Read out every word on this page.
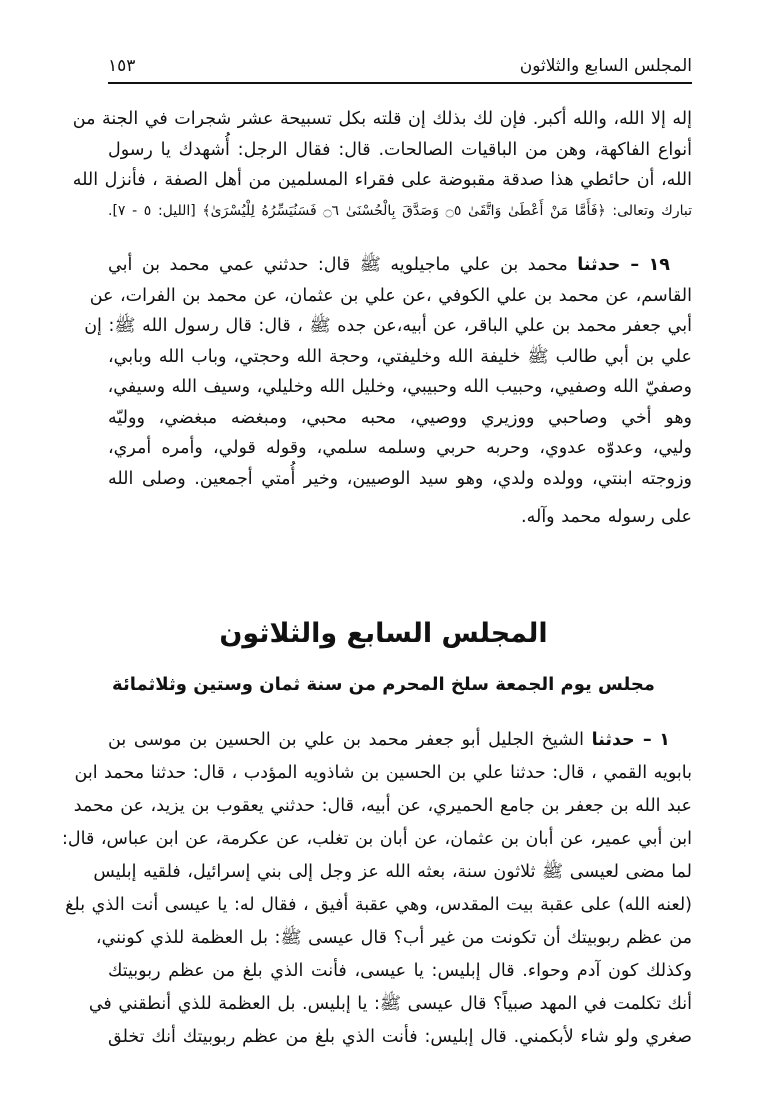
المجلس السابع والثلاثون
١٥٣
إله إلا الله، والله أكبر. فإن لك بذلك إن قلته بكل تسبيحة عشر شجرات في الجنة من
أنواع الفاكهة، وهن من الباقيات الصالحات. قال: فقال الرجل: أُشهدك يا رسول
الله، أن حائطي هذا صدقة مقبوضة على فقراء المسلمين من أهل الصفة ، فأنزل الله
تبارك وتعالى: ﴿فَأَمَّا مَنْ أَعْطَىٰ وَاتَّقَىٰ ۝٥ وَصَدَّقَ بِالْحُسْنَىٰ ۝٦ فَسَنُيَسِّرُهُ لِلْيُسْرَىٰ﴾ [الليل: ٥ - ٧].
١٩ – حدثنا محمد بن علي ماجيلويه ﷺ قال: حدثني عمي محمد بن أبي
القاسم، عن محمد بن علي الكوفي ،عن علي بن عثمان، عن محمد بن الفرات، عن
أبي جعفر محمد بن علي الباقر، عن أبيه،عن جده ﷺ ، قال: قال رسول الله ﷺ: إن
علي بن أبي طالب ﷺ خليفة الله وخليفتي، وحجة الله وحجتي، وباب الله وبابي،
وصفيّ الله وصفيي، وحبيب الله وحبيبي، وخليل الله وخليلي، وسيف الله وسيفي،
وهو أخي وصاحبي ووزيري ووصيي، محبه محبي، ومبغضه مبغضي، ووليّه
وليي، وعدوّه عدوي، وحربه حربي وسلمه سلمي، وقوله قولي، وأمره أمري،
وزوجته ابنتي، وولده ولدي، وهو سيد الوصيين، وخير أُمتي أجمعين. وصلى الله
على رسوله محمد وآله.
المجلس السابع والثلاثون
مجلس يوم الجمعة سلخ المحرم من سنة ثمان وستين وثلاثمائة
١ – حدثنا الشيخ الجليل أبو جعفر محمد بن علي بن الحسين بن موسى بن
بابويه القمي ، قال: حدثنا علي بن الحسين بن شاذويه المؤدب ، قال: حدثنا محمد ابن
عبد الله بن جعفر بن جامع الحميري، عن أبيه، قال: حدثني يعقوب بن يزيد، عن محمد
ابن أبي عمير، عن أبان بن عثمان، عن أبان بن تغلب، عن عكرمة، عن ابن عباس، قال:
لما مضى لعيسى ﷺ ثلاثون سنة، بعثه الله عز وجل إلى بني إسرائيل، فلقيه إبليس
(لعنه الله) على عقبة بيت المقدس، وهي عقبة أفيق ، فقال له: يا عيسى أنت الذي بلغ
من عظم ربوبيتك أن تكونت من غير أب؟ قال عيسى ﷺ: بل العظمة للذي كونني،
وكذلك كون آدم وحواء. قال إبليس: يا عيسى، فأنت الذي بلغ من عظم ربوبيتك
أنك تكلمت في المهد صبياً؟ قال عيسى ﷺ: يا إبليس. بل العظمة للذي أنطقني في
صغري ولو شاء لأبكمني. قال إبليس: فأنت الذي بلغ من عظم ربوبيتك أنك تخلق
